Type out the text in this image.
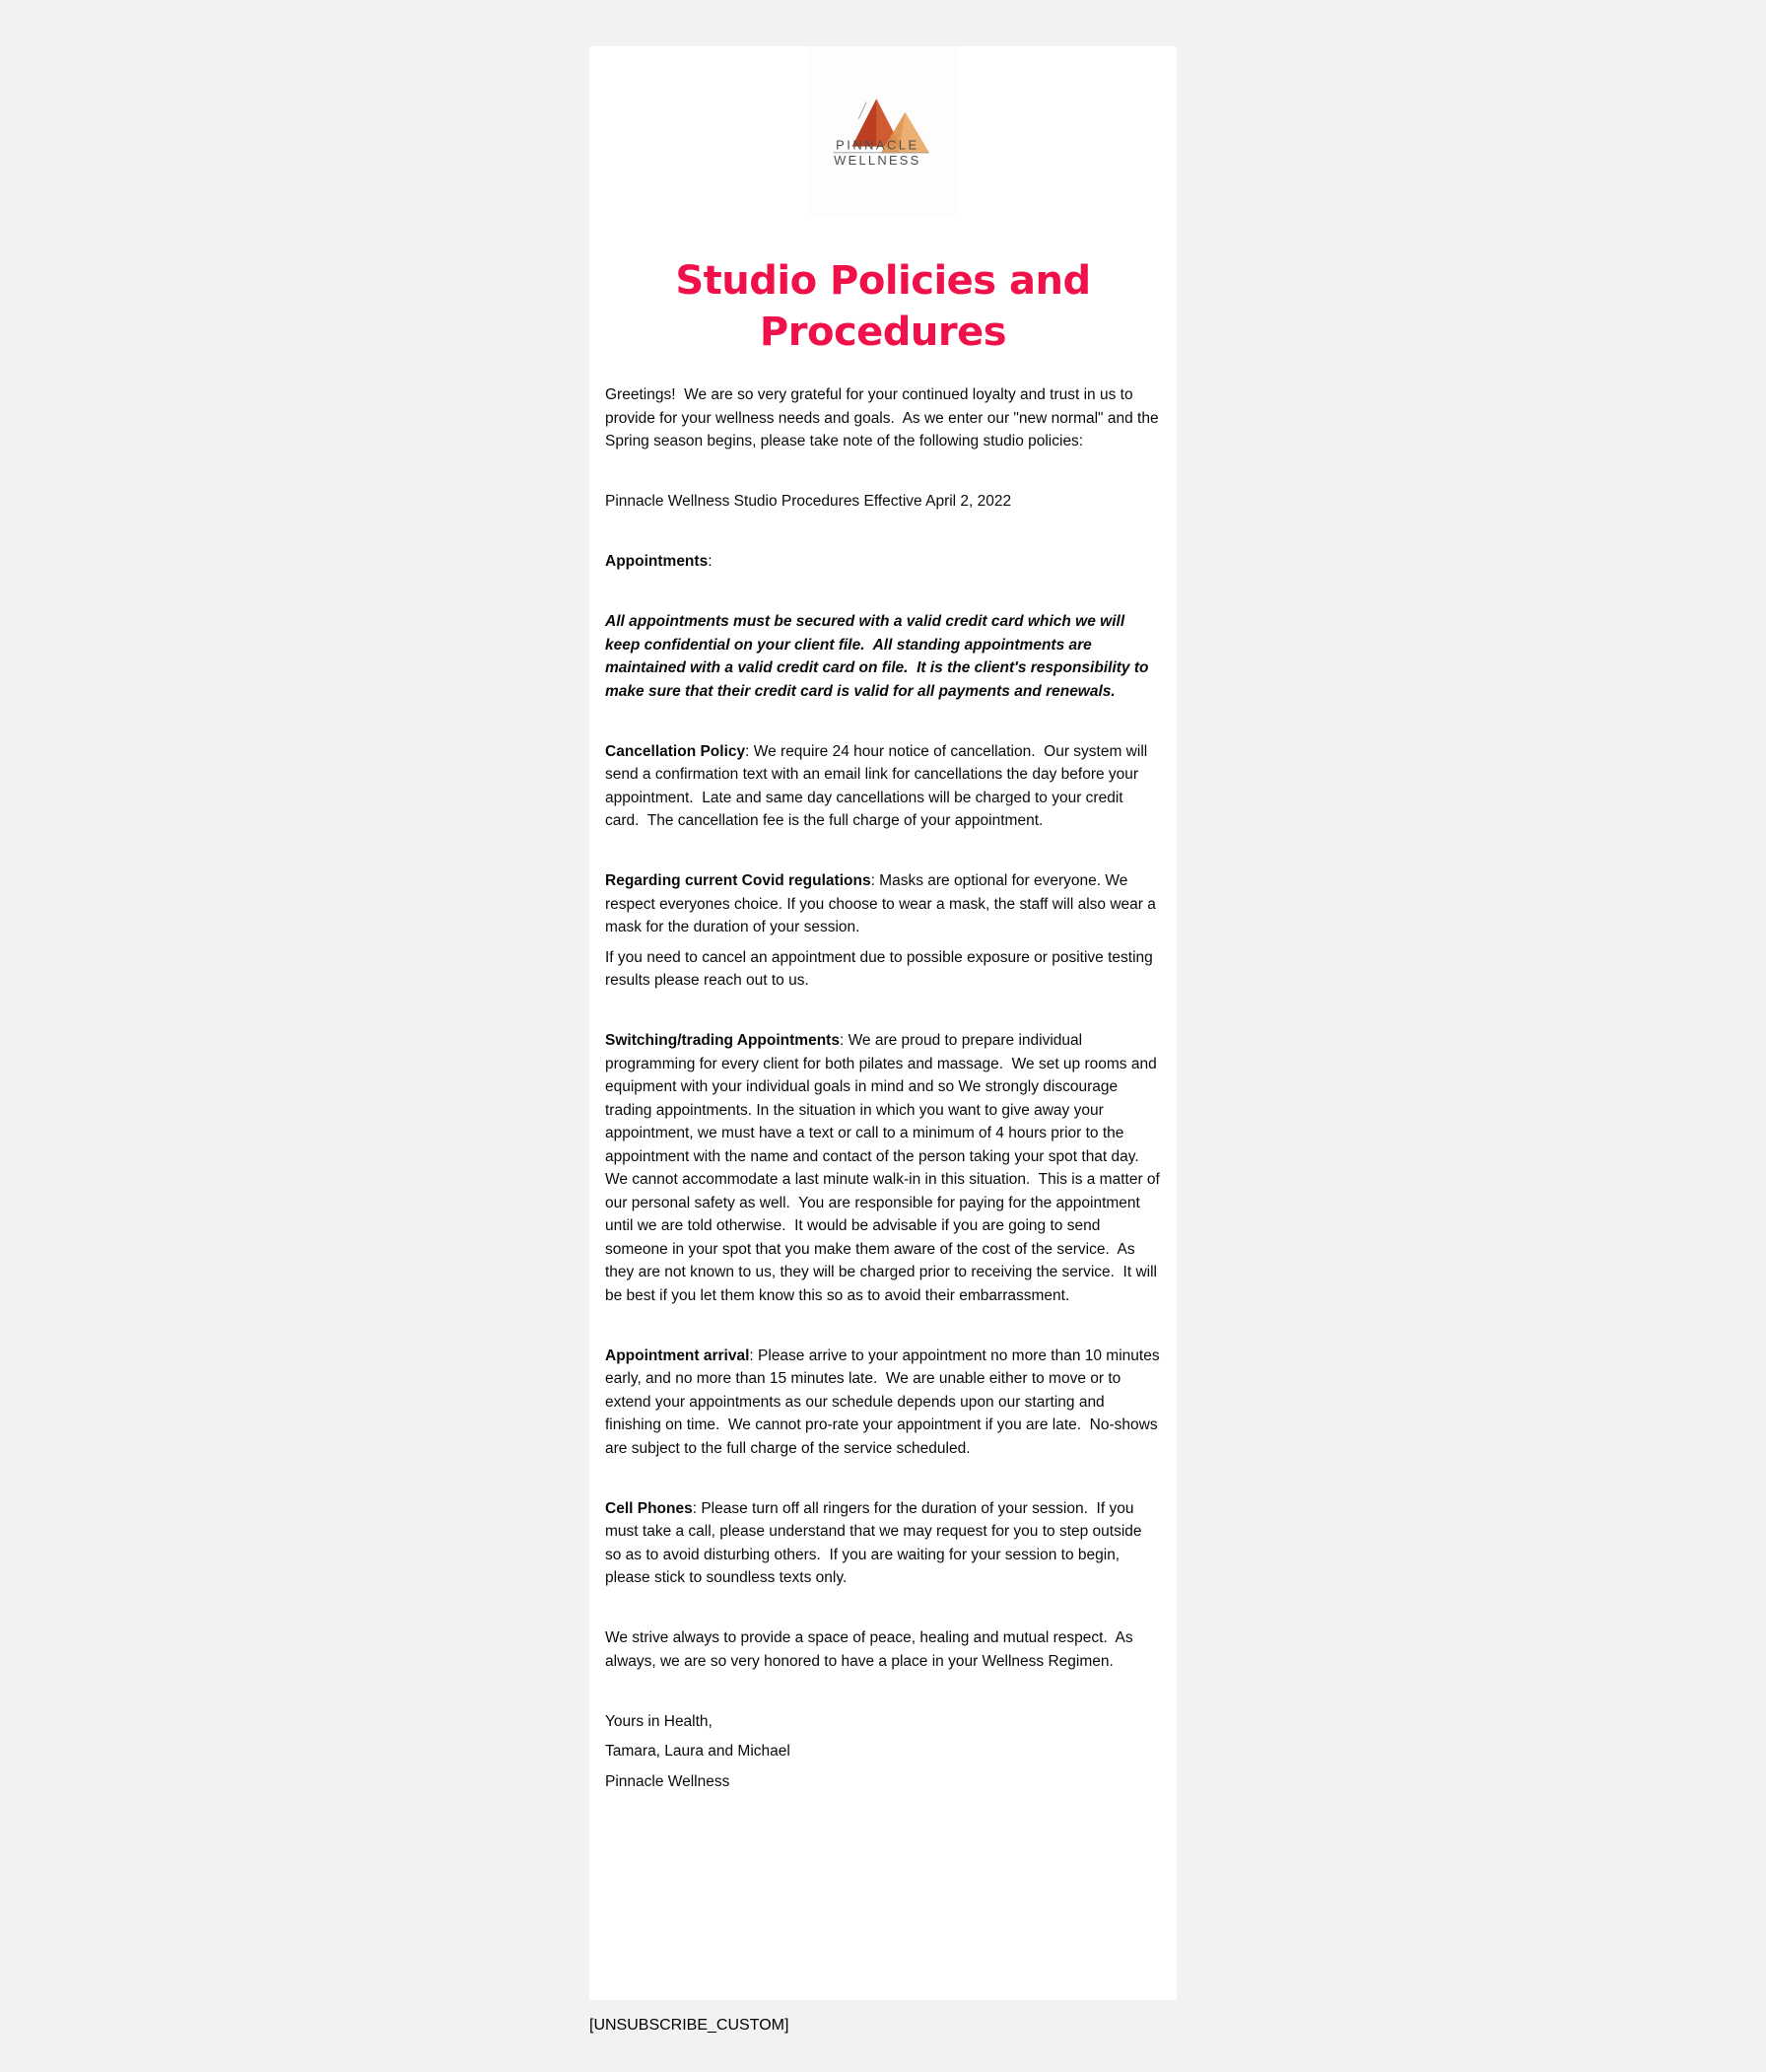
PINNACLE
WELLNESS
Studio Policies and Procedures

Greetings!  We are so very grateful for your continued loyalty and trust in us to provide for your wellness needs and goals.  As we enter our "new normal" and the Spring season begins, please take note of the following studio policies:

Pinnacle Wellness Studio Procedures Effective April 2, 2022

Appointments:

All appointments must be secured with a valid credit card which we will keep confidential on your client file.  All standing appointments are maintained with a valid credit card on file.  It is the client's responsibility to make sure that their credit card is valid for all payments and renewals.

Cancellation Policy: We require 24 hour notice of cancellation.  Our system will send a confirmation text with an email link for cancellations the day before your appointment.  Late and same day cancellations will be charged to your credit card.  The cancellation fee is the full charge of your appointment.

Regarding current Covid regulations: Masks are optional for everyone. We respect everyones choice. If you choose to wear a mask, the staff will also wear a mask for the duration of your session.

If you need to cancel an appointment due to possible exposure or positive testing results please reach out to us.

Switching/trading Appointments: We are proud to prepare individual programming for every client for both pilates and massage.  We set up rooms and equipment with your individual goals in mind and so We strongly discourage trading appointments. In the situation in which you want to give away your appointment, we must have a text or call to a minimum of 4 hours prior to the appointment with the name and contact of the person taking your spot that day.  We cannot accommodate a last minute walk-in in this situation.  This is a matter of our personal safety as well.  You are responsible for paying for the appointment until we are told otherwise.  It would be advisable if you are going to send someone in your spot that you make them aware of the cost of the service.  As they are not known to us, they will be charged prior to receiving the service.  It will be best if you let them know this so as to avoid their embarrassment.

Appointment arrival: Please arrive to your appointment no more than 10 minutes early, and no more than 15 minutes late.  We are unable either to move or to extend your appointments as our schedule depends upon our starting and finishing on time.  We cannot pro-rate your appointment if you are late.  No-shows are subject to the full charge of the service scheduled.

Cell Phones: Please turn off all ringers for the duration of your session.  If you must take a call, please understand that we may request for you to step outside so as to avoid disturbing others.  If you are waiting for your session to begin, please stick to soundless texts only.

We strive always to provide a space of peace, healing and mutual respect.  As always, we are so very honored to have a place in your Wellness Regimen.

Yours in Health,

Tamara, Laura and Michael

Pinnacle Wellness

[UNSUBSCRIBE_CUSTOM]
